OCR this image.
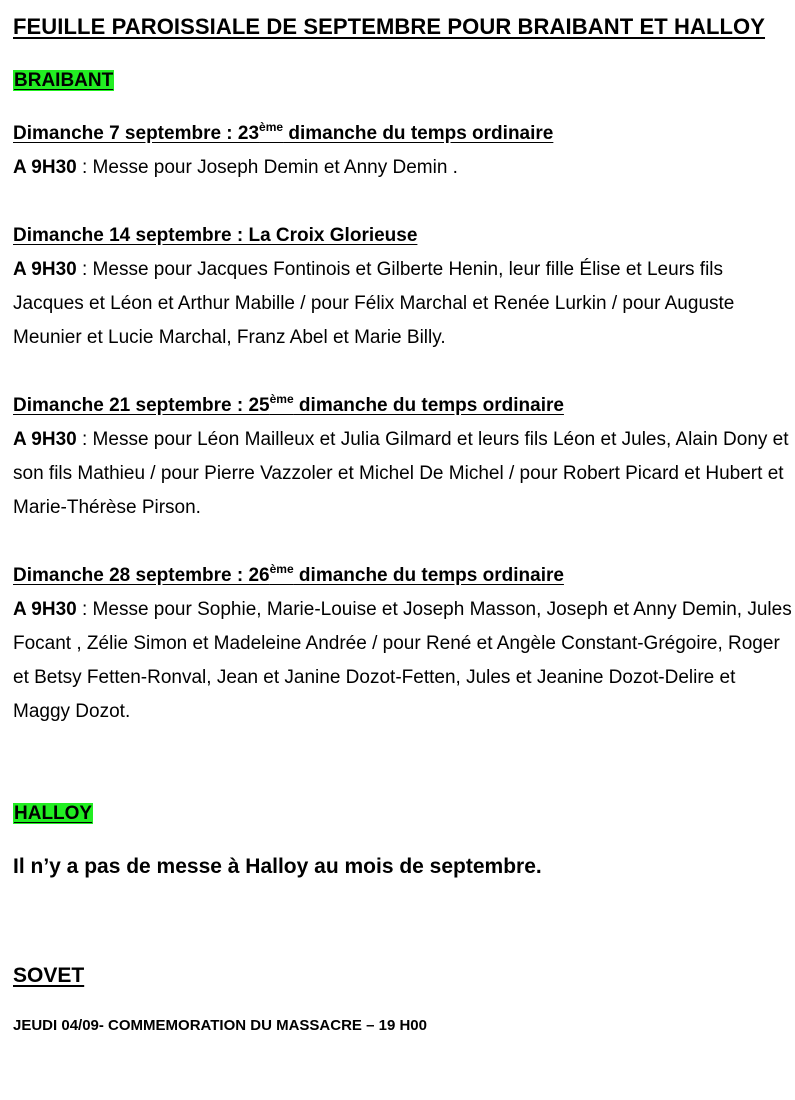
FEUILLE PAROISSIALE DE SEPTEMBRE POUR BRAIBANT ET HALLOY
BRAIBANT
Dimanche 7 septembre : 23ème dimanche du temps ordinaire

A 9H30 : Messe pour Joseph Demin et Anny Demin .

Dimanche 14 septembre : La Croix Glorieuse

A 9H30 : Messe pour Jacques Fontinois et Gilberte Henin, leur fille Élise et Leurs fils Jacques et Léon et Arthur Mabille / pour Félix Marchal et Renée Lurkin / pour Auguste Meunier et Lucie Marchal, Franz Abel et Marie Billy.

Dimanche 21 septembre : 25ème dimanche du temps ordinaire

A 9H30 : Messe pour Léon Mailleux et Julia Gilmard et leurs fils Léon et Jules, Alain Dony et son fils Mathieu / pour Pierre Vazzoler et Michel De Michel / pour Robert Picard et Hubert et Marie-Thérèse Pirson.

Dimanche 28 septembre : 26ème dimanche du temps ordinaire

A 9H30 : Messe pour Sophie, Marie-Louise et Joseph Masson, Joseph et Anny Demin, Jules Focant , Zélie Simon et Madeleine Andrée / pour René et Angèle Constant-Grégoire, Roger et Betsy Fetten-Ronval, Jean et Janine Dozot-Fetten, Jules et Jeanine Dozot-Delire et Maggy Dozot.

HALLOY
Il n’y a pas de messe à Halloy au mois de septembre.
SOVET
JEUDI 04/09- COMMEMORATION DU MASSACRE – 19 H00
